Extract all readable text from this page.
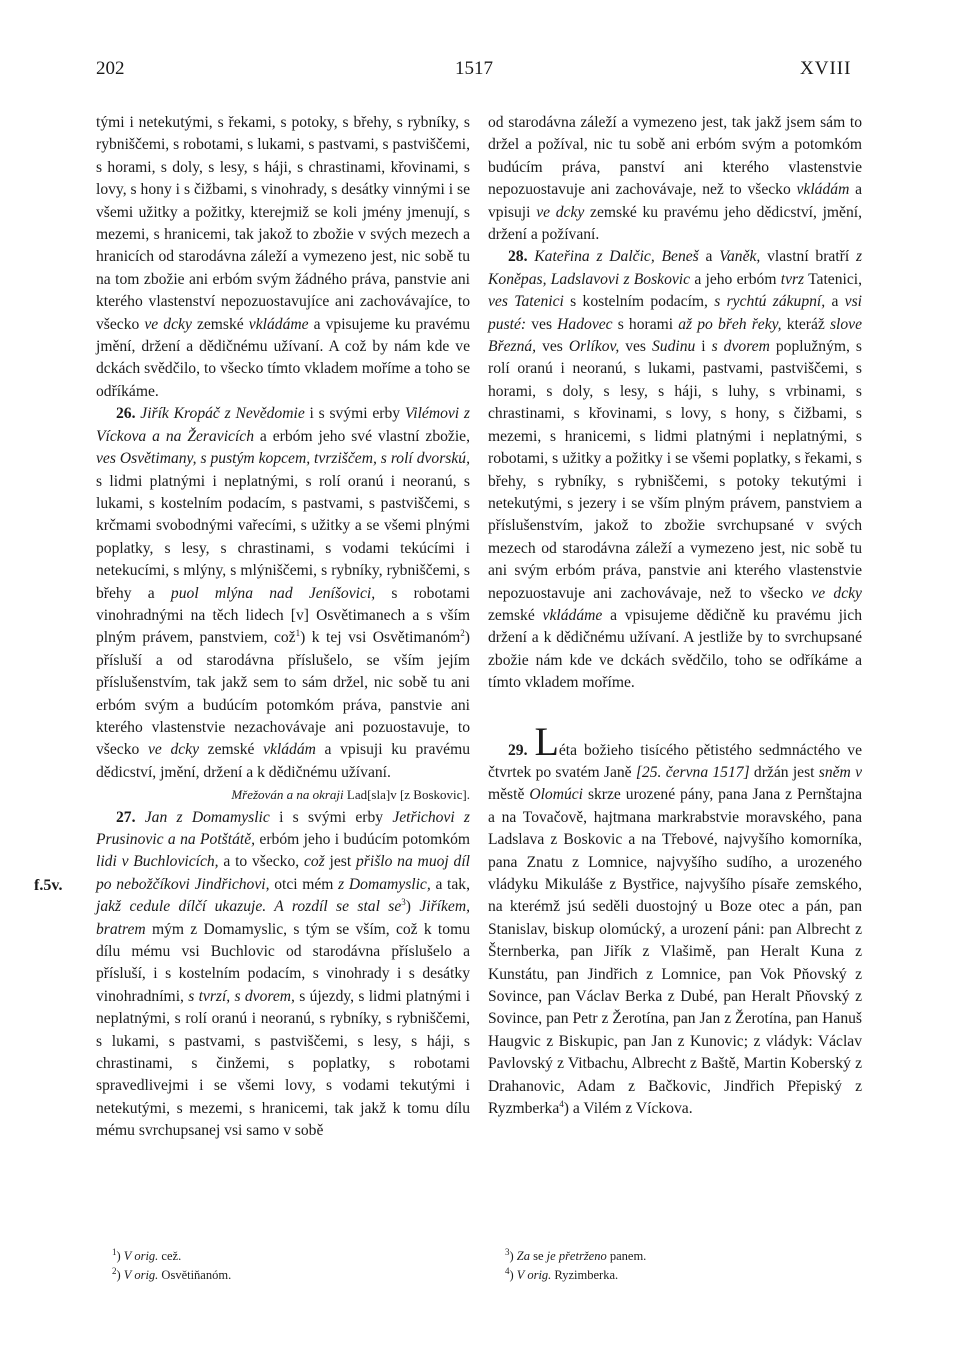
202	1517	XVIII
f.5v.

tými i netekutými, s řekami, s potoky, s břehy, s rybníky, s rybniščemi, s robotami, s lukami, s pastvami, s pastviščemi, s horami, s doly, s lesy, s háji, s chrastinami, křovinami, s lovy, s hony i s čižbami, s vinohrady, s desátky vinnými i se všemi užitky a požitky, kterejmiž se koli jmény jmenují, s mezemi, s hranicemi, tak jakož to zbožie v svých mezech a hranicích od starodávna záleží a vymezeno jest, nic sobě tu na tom zbožie ani erbóm svým žádného práva, panstvie ani kterého vlastenství nepozuostavujíce ani zachovávajíce, to všecko ve dcky zemské vkládáme a vpisujeme ku pravému jmění, držení a dědičnému užívaní. A což by nám kde ve dckách svědčilo, to všecko tímto vkladem moříme a toho se odříkáme.

26. Jiřík Kropáč z Nevědomie i s svými erby Vilémovi z Víckova a na Žeravicích a erbóm jeho své vlastní zbožie, ves Osvětimany, s pustým kopcem, tvrziščem, s rolí dvorskú, s lidmi platnými i neplatnými, s rolí oranú i neoranú, s lukami, s kostelním podacím, s pastvami, s pastviščemi, s krčmami svobodnými vařecími, s užitky a se všemi plnými poplatky, s lesy, s chrastinami, s vodami tekúcími i netekucími, s mlýny, s mlýniščemi, s rybníky, rybniščemi, s břehy a puol mlýna nad Jeníšovici, s robotami vinohradnými na těch lidech [v] Osvětimanech a s vším plným právem, panstviem, což$^1$) k tej vsi Osvětimanóm$^2$) přísluší a od starodávna příslušelo, se vším jejím příslušenstvím, tak jakž sem to sám držel, nic sobě tu ani erbóm svým a budúcím potomkóm práva, panstvie ani kterého vlastenstvie nezachovávaje ani pozuostavuje, to všecko ve dcky zemské vkládám a vpisuji ku pravému dědicství, jmění, držení a k dědičnému užívaní.

Mřežován a na okraji Lad[sla]v [z Boskovic].

27. Jan z Domamyslic i s svými erby Jetřichovi z Prusinovic a na Potštátě, erbóm jeho i budúcím potomkóm lidi v Buchlovicích, a to všecko, což jest přišlo na muoj díl po nebožčíkovi Jindřichovi, otci mém z Domamyslic, a tak, jakž cedule dílčí ukazuje. A rozdíl se stal $se^3$) Jiříkem, bratrem mým z Domamyslic, s tým se vším, což k tomu dílu mému vsi Buchlovic od starodávna příslušelo a přísluší, i s kostelním podacím, s vinohrady i s desátky vinohradními, s tvrzí, s dvorem, s újezdy, s lidmi platnými i neplatnými, s rolí oranú i neoranú, s rybníky, s rybniščemi, s lukami, s pastvami, s pastviščemi, s lesy, s háji, s chrastinami, s činžemi, s poplatky, s robotami spravedlivejmi i se všemi lovy, s vodami tekutými i netekutými, s mezemi, s hranicemi, tak jakž k tomu dílu mému svrchupsanej vsi samo v sobě

od starodávna záleží a vymezeno jest, tak jakž jsem sám to držel a požíval, nic tu sobě ani erbóm svým a potomkóm budúcím práva, panství ani kterého vlastenstvie nepozuostavuje ani zachovávaje, než to všecko vkládám a vpisuji ve dcky zemské ku pravému jeho dědicství, jmění, držení a požívaní.

28. Kateřina z Dalčic, Beneš a Vaněk, vlastní bratří z Koněpas, Ladslavovi z Boskovic a jeho erbóm tvrz Tatenici, ves Tatenici s kostelním podacím, s rychtú zákupní, a vsi pusté: ves Hadovec s horami až po břeh řeky, kteráž slove Březná, ves Orlíkov, ves Sudinu i s dvorem poplužným, s rolí oranú i neoranú, s lukami, pastvami, pastviščemi, s horami, s doly, s lesy, s háji, s luhy, s vrbinami, s chrastinami, s křovinami, s lovy, s hony, s čižbami, s mezemi, s hranicemi, s lidmi platnými i neplatnými, s robotami, s užitky a požitky i se všemi poplatky, s řekami, s břehy, s rybníky, s rybniščemi, s potoky tekutými i netekutými, s jezery i se vším plným právem, panstviem a příslušenstvím, jakož to zbožie svrchupsané v svých mezech od starodávna záleží a vymezeno jest, nic sobě tu ani svým erbóm práva, panstvie ani kterého vlastenstvie nepozuostavuje ani zachovávaje, než to všecko ve dcky zemské vkládáme a vpisujeme dědičně ku pravému jich držení a k dědičnému užívaní. A jestliže by to svrchupsané zbožie nám kde ve dckách svědčilo, toho se odříkáme a tímto vkladem moříme.

29. Léta božieho tisícého pětistého sedmnáctého ve čtvrtek po svatém Janě [25. června 1517] držán jest sněm v městě Olomúci skrze urozené pány, pana Jana z Pernštajna a na Tovačově, hajtmana markrabstvie moravského, pana Ladslava z Boskovic a na Třebové, najvyšího komorníka, pana Znatu z Lomnice, najvyšího sudího, a urozeného vládyku Mikuláše z Bystřice, najvyšího písaře zemského, na kterémž jsú seděli duostojný u Boze otec a pán, pan Stanislav, biskup olomúcký, a urození páni: pan Albrecht z Šternberka, pan Jiřík z Vlašimě, pan Heralt Kuna z Kunstátu, pan Jindřich z Lomnice, pan Vok Pňovský z Sovince, pan Václav Berka z Dubé, pan Heralt Pňovský z Sovince, pan Petr z Žerotína, pan Jan z Žerotína, pan Hanuš Haugvic z Biskupic, pan Jan z Kunovic; z vládyk: Václav Pavlovský z Vitbachu, Albrecht z Baště, Martin Koberský z Drahanovic, Adam z Bačkovic, Jindřich Přepiský z Ryzmberka$^4$) a Vilém z Víckova.

$^1$) V orig. cež.
$^2$) V orig. Osvětiňanóm.
$^3$) Za se je přetrženo panem.
$^4$) V orig. Ryzimberka.
